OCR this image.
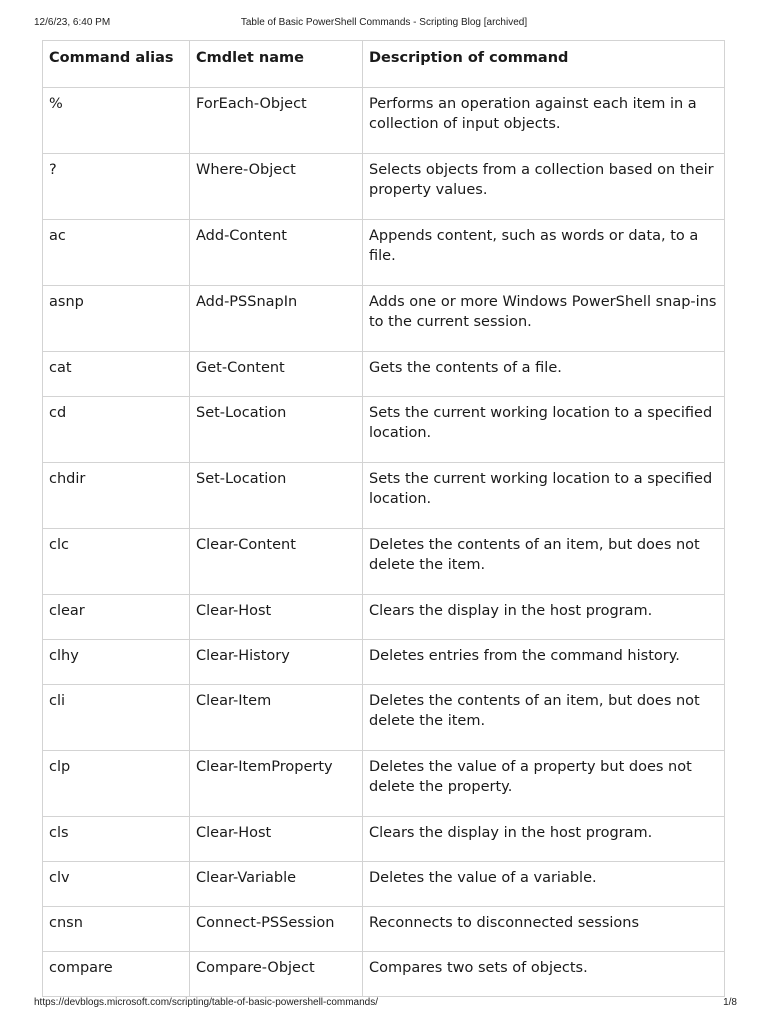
12/6/23, 6:40 PM	Table of Basic PowerShell Commands - Scripting Blog [archived]
Command alias	Cmdlet name	Description of command
%	ForEach-Object	Performs an operation against each item in a collection of input objects.
?	Where-Object	Selects objects from a collection based on their property values.
ac	Add-Content	Appends content, such as words or data, to a file.
asnp	Add-PSSnapIn	Adds one or more Windows PowerShell snap-ins to the current session.
cat	Get-Content	Gets the contents of a file.
cd	Set-Location	Sets the current working location to a specified location.
chdir	Set-Location	Sets the current working location to a specified location.
clc	Clear-Content	Deletes the contents of an item, but does not delete the item.
clear	Clear-Host	Clears the display in the host program.
clhy	Clear-History	Deletes entries from the command history.
cli	Clear-Item	Deletes the contents of an item, but does not delete the item.
clp	Clear-ItemProperty	Deletes the value of a property but does not delete the property.
cls	Clear-Host	Clears the display in the host program.
clv	Clear-Variable	Deletes the value of a variable.
cnsn	Connect-PSSession	Reconnects to disconnected sessions
compare	Compare-Object	Compares two sets of objects.
https://devblogs.microsoft.com/scripting/table-of-basic-powershell-commands/	1/8
